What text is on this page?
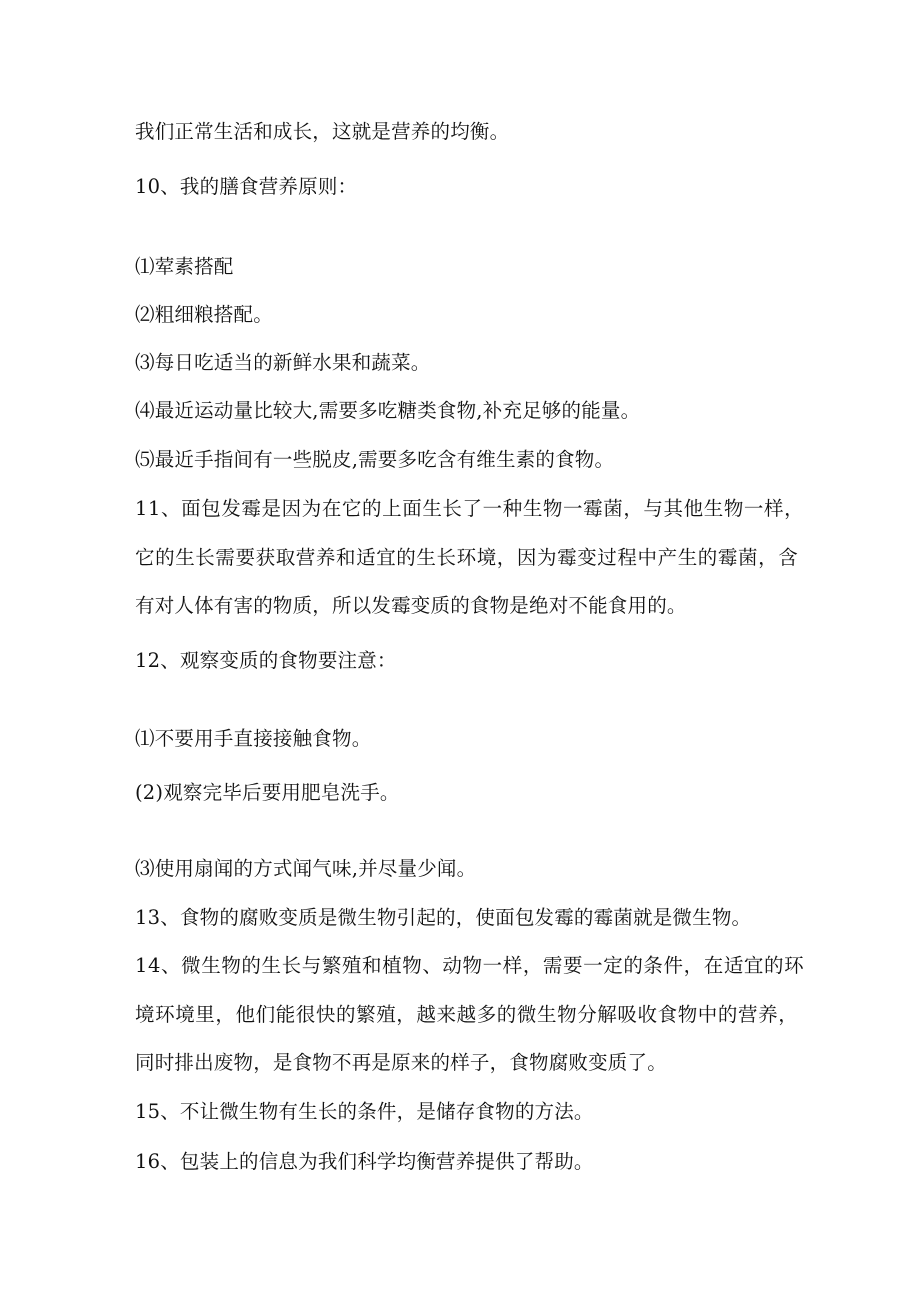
我们正常生活和成长，这就是营养的均衡。
10、我的膳食营养原则：
⑴荤素搭配
⑵粗细粮搭配。
⑶每日吃适当的新鲜水果和蔬菜。
⑷最近运动量比较大,需要多吃糖类食物,补充足够的能量。
⑸最近手指间有一些脱皮,需要多吃含有维生素的食物。
11、面包发霉是因为在它的上面生长了一种生物一霉菌，与其他生物一样，
它的生长需要获取营养和适宜的生长环境，因为霉变过程中产生的霉菌，含
有对人体有害的物质，所以发霉变质的食物是绝对不能食用的。
12、观察变质的食物要注意：
⑴不要用手直接接触食物。
(2)观察完毕后要用肥皂洗手。
⑶使用扇闻的方式闻气味,并尽量少闻。
13、食物的腐败变质是微生物引起的，使面包发霉的霉菌就是微生物。
14、微生物的生长与繁殖和植物、动物一样，需要一定的条件，在适宜的环
境环境里，他们能很快的繁殖，越来越多的微生物分解吸收食物中的营养，
同时排出废物，是食物不再是原来的样子，食物腐败变质了。
15、不让微生物有生长的条件，是储存食物的方法。
16、包装上的信息为我们科学均衡营养提供了帮助。
